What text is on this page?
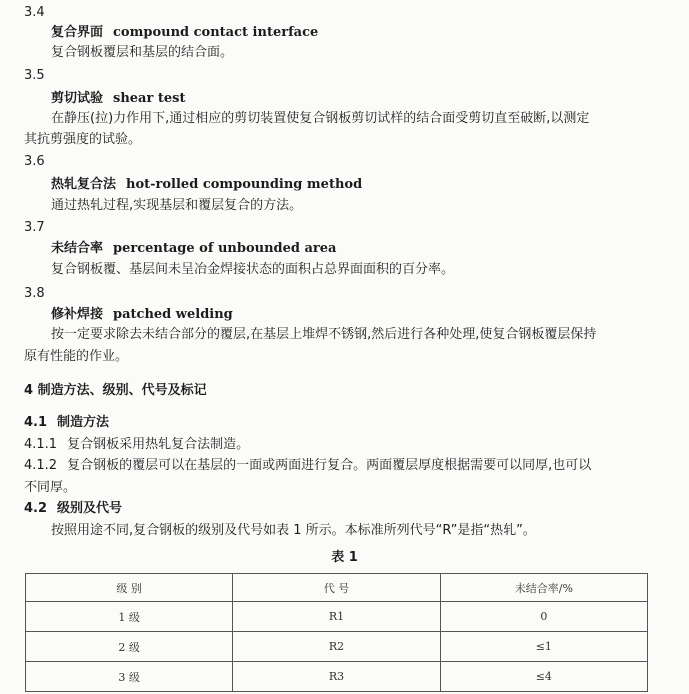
3.4
复合界面 compound contact interface
复合钢板覆层和基层的结合面。
3.5
剪切试验 shear test
在静压(拉)力作用下,通过相应的剪切装置使复合钢板剪切试样的结合面受剪切直至破断,以测定
其抗剪强度的试验。
3.6
热轧复合法 hot-rolled compounding method
通过热轧过程,实现基层和覆层复合的方法。
3.7
未结合率 percentage of unbounded area
复合钢板覆、基层间未呈冶金焊接状态的面积占总界面面积的百分率。
3.8
修补焊接 patched welding
按一定要求除去未结合部分的覆层,在基层上堆焊不锈钢,然后进行各种处理,使复合钢板覆层保持
原有性能的作业。
4 制造方法、级别、代号及标记
4.1 制造方法
4.1.1 复合钢板采用热轧复合法制造。
4.1.2 复合钢板的覆层可以在基层的一面或两面进行复合。两面覆层厚度根据需要可以同厚,也可以
不同厚。
4.2 级别及代号
按照用途不同,复合钢板的级别及代号如表 1 所示。本标准所列代号“R”是指“热轧”。
表 1
级 别	代 号	未结合率/%
1 级	R1	0
2 级	R2	≤1
3 级	R3	≤4
